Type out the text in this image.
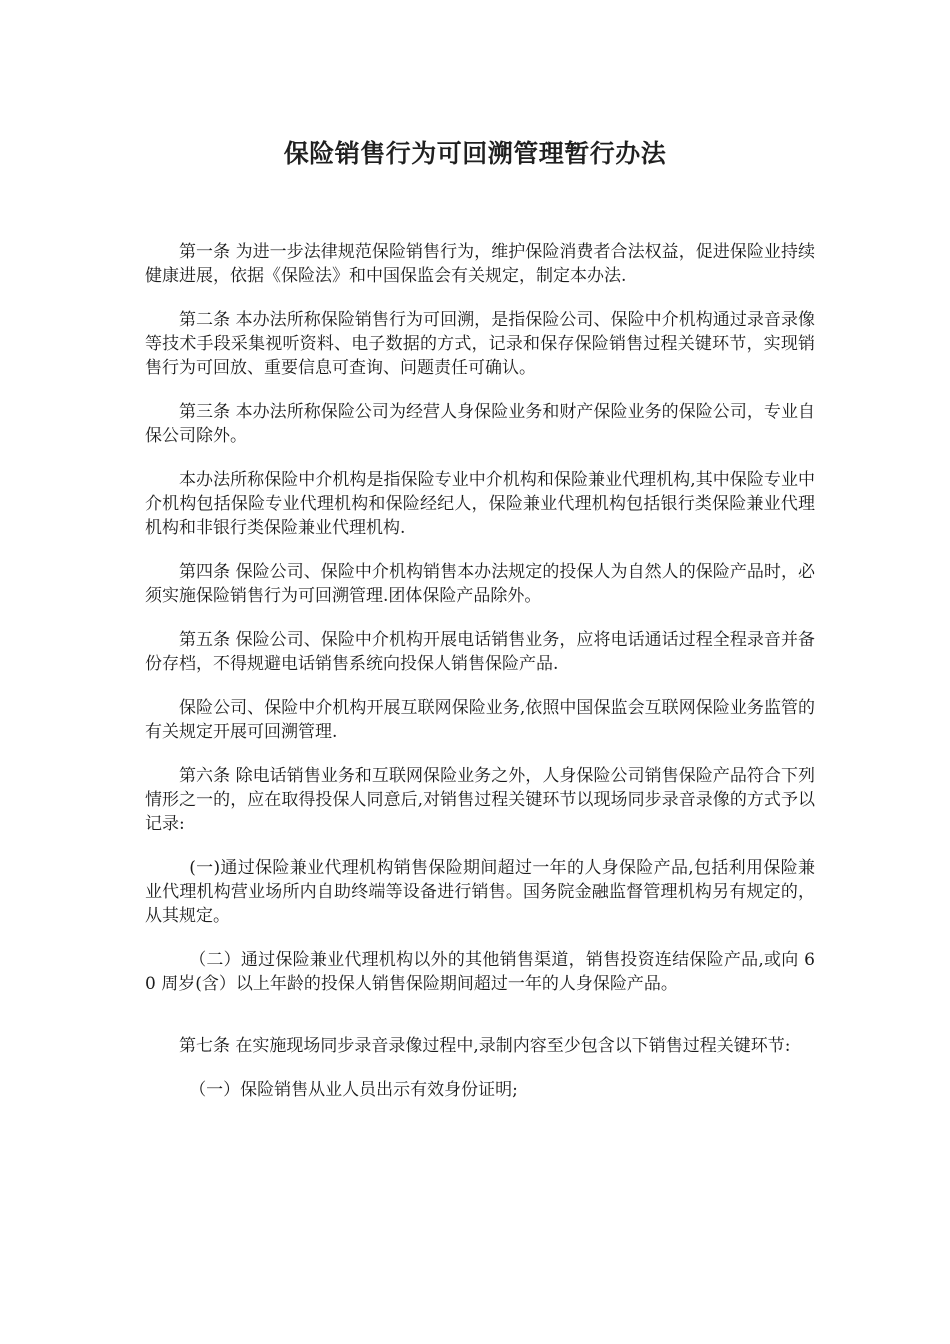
保险销售行为可回溯管理暂行办法

第一条 为进一步法律规范保险销售行为，维护保险消费者合法权益，促进保险业持续健康进展，依据《保险法》和中国保监会有关规定，制定本办法.

第二条 本办法所称保险销售行为可回溯，是指保险公司、保险中介机构通过录音录像等技术手段采集视听资料、电子数据的方式，记录和保存保险销售过程关键环节，实现销售行为可回放、重要信息可查询、问题责任可确认。

第三条 本办法所称保险公司为经营人身保险业务和财产保险业务的保险公司，专业自保公司除外。

本办法所称保险中介机构是指保险专业中介机构和保险兼业代理机构,其中保险专业中介机构包括保险专业代理机构和保险经纪人，保险兼业代理机构包括银行类保险兼业代理机构和非银行类保险兼业代理机构.

第四条 保险公司、保险中介机构销售本办法规定的投保人为自然人的保险产品时，必须实施保险销售行为可回溯管理.团体保险产品除外。

第五条 保险公司、保险中介机构开展电话销售业务，应将电话通话过程全程录音并备份存档，不得规避电话销售系统向投保人销售保险产品.

保险公司、保险中介机构开展互联网保险业务,依照中国保监会互联网保险业务监管的有关规定开展可回溯管理.

第六条 除电话销售业务和互联网保险业务之外，人身保险公司销售保险产品符合下列情形之一的，应在取得投保人同意后,对销售过程关键环节以现场同步录音录像的方式予以记录:

(一)通过保险兼业代理机构销售保险期间超过一年的人身保险产品,包括利用保险兼业代理机构营业场所内自助终端等设备进行销售。国务院金融监督管理机构另有规定的，从其规定。

（二）通过保险兼业代理机构以外的其他销售渠道，销售投资连结保险产品,或向 60 周岁(含）以上年龄的投保人销售保险期间超过一年的人身保险产品。

第七条 在实施现场同步录音录像过程中,录制内容至少包含以下销售过程关键环节:

（一）保险销售从业人员出示有效身份证明;
